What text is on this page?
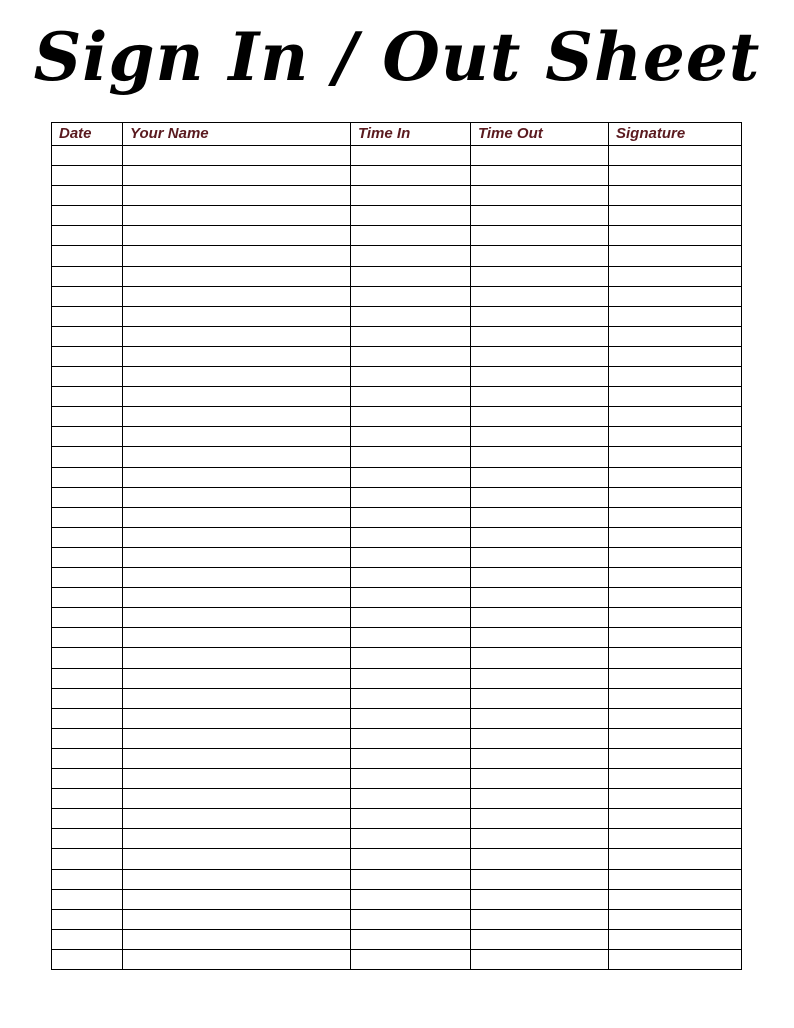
Sign In / Out Sheet
Date	Your Name	Time In	Time Out	Signature
